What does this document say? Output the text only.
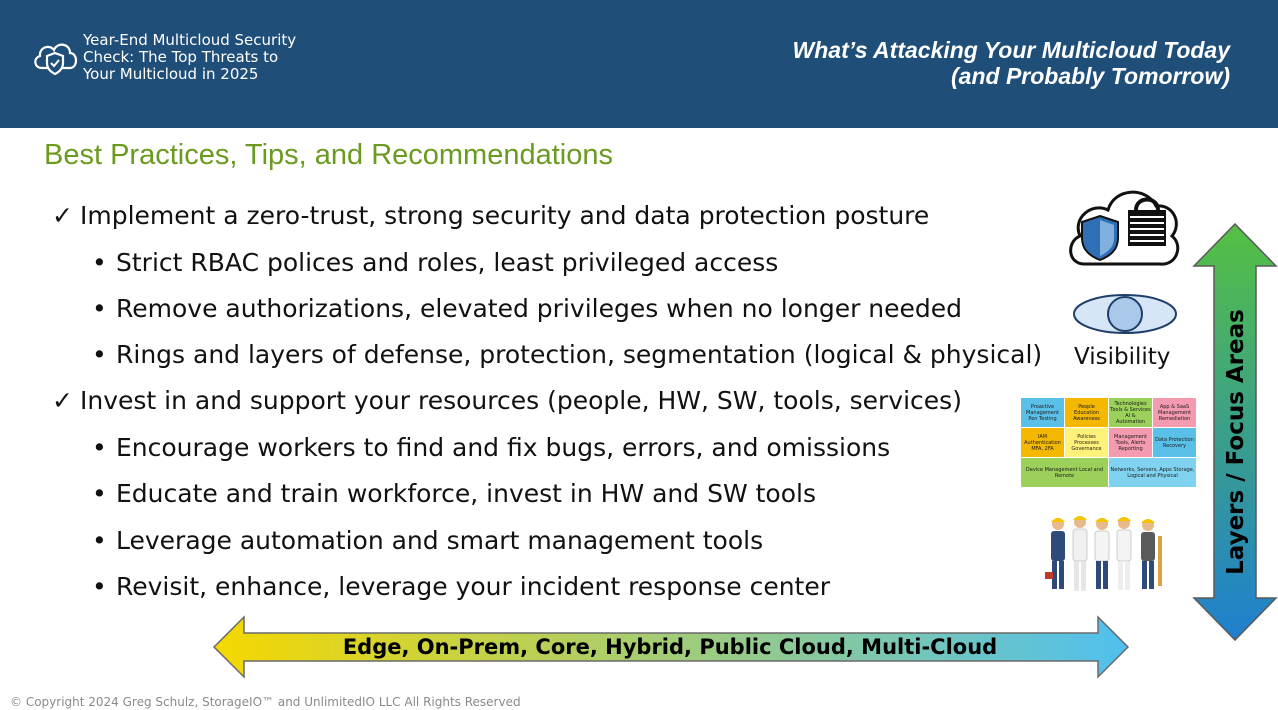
Year-End Multicloud Security
Check: The Top Threats to
Your Multicloud in 2025
What’s Attacking Your Multicloud Today
(and Probably Tomorrow)
Best Practices, Tips, and Recommendations
✓ Implement a zero-trust, strong security and data protection posture
• Strict RBAC polices and roles, least privileged access
• Remove authorizations, elevated privileges when no longer needed
• Rings and layers of defense, protection, segmentation (logical & physical)
✓ Invest in and support your resources (people, HW, SW, tools, services)
• Encourage workers to find and fix bugs, errors, and omissions
• Educate and train workforce, invest in HW and SW tools
• Leverage automation and smart management tools
• Revisit, enhance, leverage your incident response center
Visibility
Proactive Management Pen Testing
People Education Awareness
Technologies Tools & Services AI & Automation
App & SaaS Management Remediation
IAM Authentication MFA, 2FA
Policies Processes Governance
Management Tools, Alerts Reporting
Data Protection Recovery
Device Management Local and Remote
Networks, Servers, Apps Storage, Logical and Physical
Edge, On-Prem, Core, Hybrid, Public Cloud, Multi-Cloud
Layers / Focus Areas
© Copyright 2024 Greg Schulz, StorageIO™ and UnlimitedIO LLC All Rights Reserved
